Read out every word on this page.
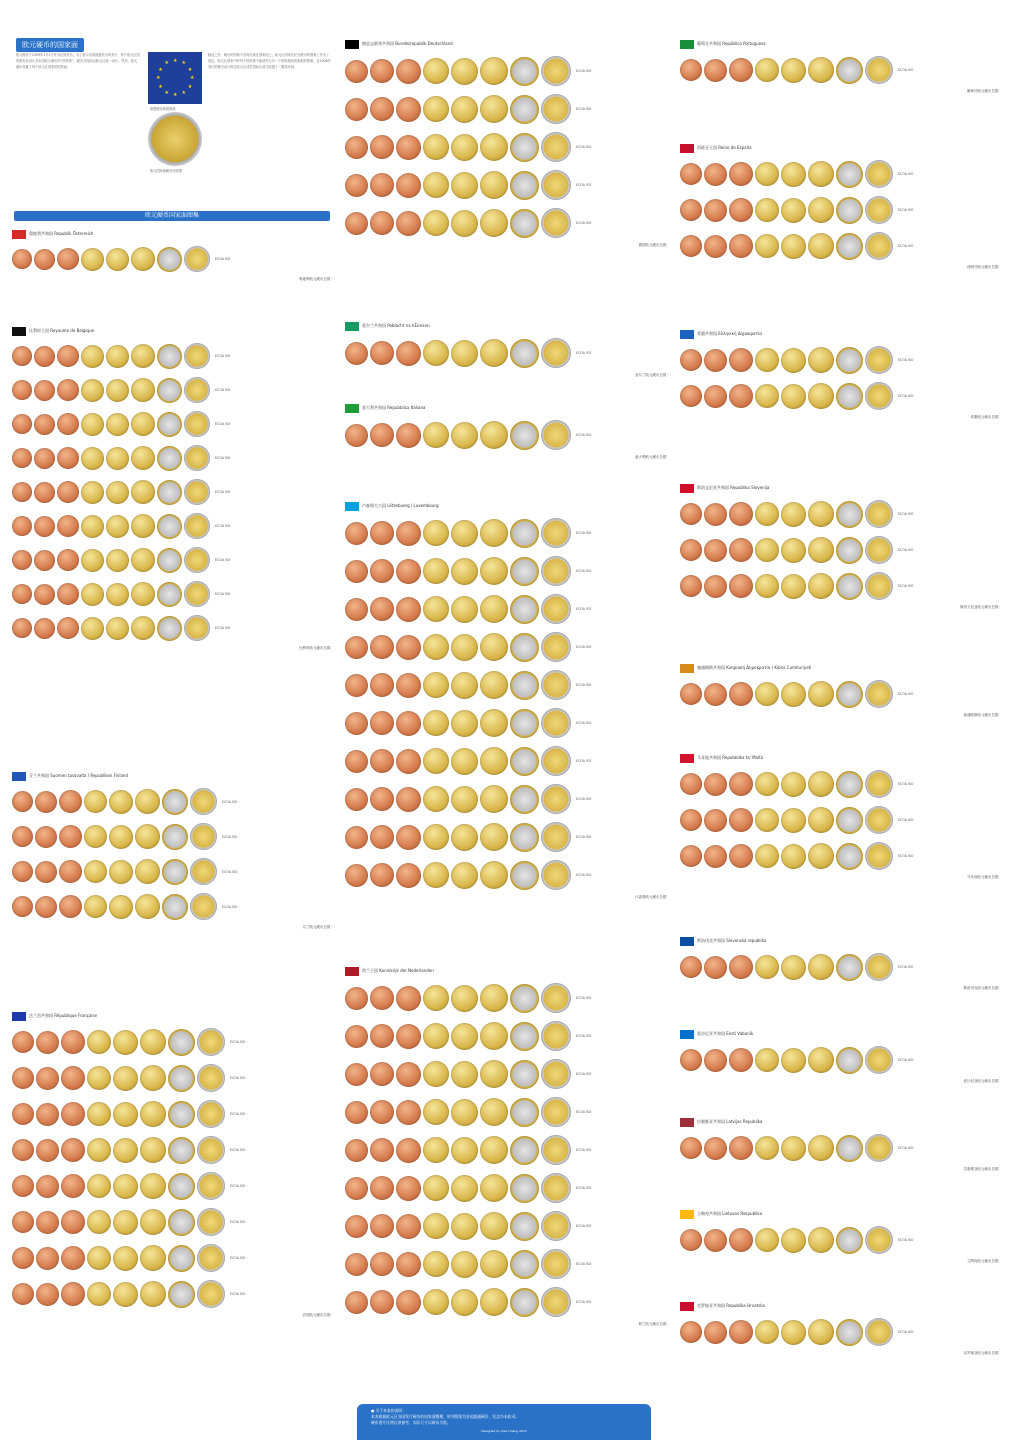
欧元硬币的国家面
欧元硬币于1999年1月1日作为记账货币，为了表示各国流通货币的发行，每个欧元区国家都有权设计其本国欧元硬币的“国家面”，硬币共同面由欧元区统一设计。然后，欧元硬币设置了每个欧元区国家的国家面。
★
★
★
★
★
★
★
★
★ ★ ★
★
欧盟硬币的国家面
欧元国家面硬币环绕图
除此之外，硬币的图案不应再出现在国家面上，欧元区国家在纪念硬币的图案上作出了规定。欧元区国家中的每个国家都不能使用与另一个国家相同或相似的图案。自2008年发行的硬币设计规定欧元区成员国标记须与欧盟十二颗星环绕。
欧元硬币国家面图集
奥地利共和国 Republik Österreich
ECOA ISO
奥地利欧元硬币总数：
比利时王国 Royaume de Belgique
ECOA ISO
ECOA ISO
ECOA ISO
ECOA ISO
ECOA ISO
ECOA ISO
ECOA ISO
ECOA ISO
ECOA ISO
比利时欧元硬币总数：
芬兰共和国 Suomen tasavalta / Republiken Finland
ECOA ISO
ECOA ISO
ECOA ISO
ECOA ISO
芬兰欧元硬币总数：
法兰西共和国 République Française
ECOA ISO
ECOA ISO
ECOA ISO
ECOA ISO
ECOA ISO
ECOA ISO
ECOA ISO
ECOA ISO
法国欧元硬币总数：
德意志联邦共和国 Bundesrepublik Deutschland
ECOA ISO
ECOA ISO
ECOA ISO
ECOA ISO
ECOA ISO
德国欧元硬币总数：
爱尔兰共和国 Poblacht na hÉireann
ECOA ISO
爱尔兰欧元硬币总数：
意大利共和国 Repubblica Italiana
ECOA ISO
意大利欧元硬币总数：
卢森堡大公国 Lëtzebuerg / Luxembourg
ECOA ISO
ECOA ISO
ECOA ISO
ECOA ISO
ECOA ISO
ECOA ISO
ECOA ISO
ECOA ISO
ECOA ISO
ECOA ISO
卢森堡欧元硬币总数：
荷兰王国 Koninkrijk der Nederlanden
ECOA ISO
ECOA ISO
ECOA ISO
ECOA ISO
ECOA ISO
ECOA ISO
ECOA ISO
ECOA ISO
ECOA ISO
荷兰欧元硬币总数：
葡萄牙共和国 República Portuguesa
ECOA ISO
葡萄牙欧元硬币总数：
西班牙王国 Reino de España
ECOA ISO
ECOA ISO
ECOA ISO
西班牙欧元硬币总数：
希腊共和国 Ελληνική Δημοκρατία
ECOA ISO
ECOA ISO
希腊欧元硬币总数：
斯洛文尼亚共和国 Republika Slovenija
ECOA ISO
ECOA ISO
ECOA ISO
斯洛文尼亚欧元硬币总数：
塞浦路斯共和国 Κυπριακή Δημοκρατία / Kıbrıs Cumhuriyeti
ECOA ISO
塞浦路斯欧元硬币总数：
马耳他共和国 Repubblika ta' Malta
ECOA ISO
ECOA ISO
ECOA ISO
马耳他欧元硬币总数：
斯洛伐克共和国 Slovenská republika
ECOA ISO
斯洛伐克欧元硬币总数：
爱沙尼亚共和国 Eesti Vabariik
ECOA ISO
爱沙尼亚欧元硬币总数：
拉脱维亚共和国 Latvijas Republika
ECOA ISO
拉脱维亚欧元硬币总数：
立陶宛共和国 Lietuvos Respublika
ECOA ISO
立陶宛欧元硬币总数：
克罗地亚共和国 Republika Hrvatska
ECOA ISO
克罗地亚欧元硬币总数：
● 关于本表的说明：
本表根据欧元区各国发行硬币的国家面整理，所列图案为各国流通硬币，纪念币未收录。
硬币图片比例仅供参考，实际尺寸以硬币为准。
Designed by Xiao Huang 2013
